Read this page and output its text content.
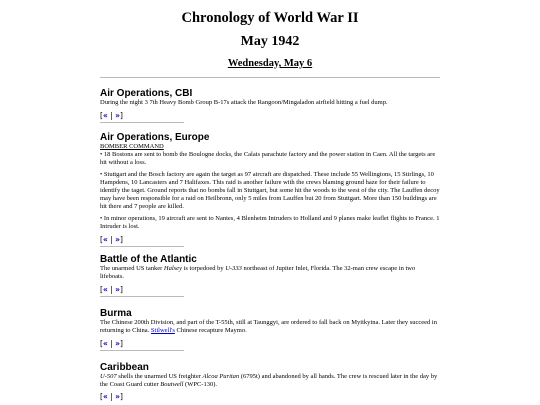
Chronology of World War II
May 1942
Wednesday, May 6
Air Operations, CBI

During the night 3 7th Heavy Bomb Group B-17s attack the Rangoon/Mingaladon airfield hitting a fuel dump.

[« | »]
Air Operations, Europe
BOMBER COMMAND

• 18 Bostons are sent to bomb the Boulogne docks, the Calais parachute factory and the power station in Caen. All the targets are hit without a loss.

• Stuttgart and the Bosch factory are again the target as 97 aircraft are dispatched. These include 55 Wellingtons, 15 Stirlings, 10 Hampdens, 10 Lancasters and 7 Halifaxes. This raid is another failure with the crews blaming ground haze for their failure to identify the taget. Ground reports that no bombs fall in Stuttgart, but some hit the woods to the west of the city. The Lauffen decoy may have been responsible for a raid on Heilbronn, only 5 miles from Lauffen but 20 from Stuttgart. More than 150 buildings are hit there and 7 people are killed.

• In minor operations, 19 aircraft are sent to Nantes, 4 Blenheim Intruders to Holland and 9 planes make leaflet flights to France. 1 Intruder is lost.

[« | »]
Battle of the Atlantic

The unarmed US tanker Halsey is torpedoed by U-333 northeast of Jupiter Inlet, Florida. The 32-man crew escape in two lifeboats.

[« | »]
Burma

The Chinese 200th Division, and part of the T-55th, still at Taunggyi, are ordered to fall back on Myitkyina. Later they succeed in returning to China. Stilwell's Chinese recapture Maymo.

[« | »]
Caribbean

U-507 shells the unarmed US freighter Alcoa Puritan (6795t) and abandoned by all hands. The crew is rescued later in the day by the Coast Guard cutter Boutwell (WPC-130).

[« | »]
